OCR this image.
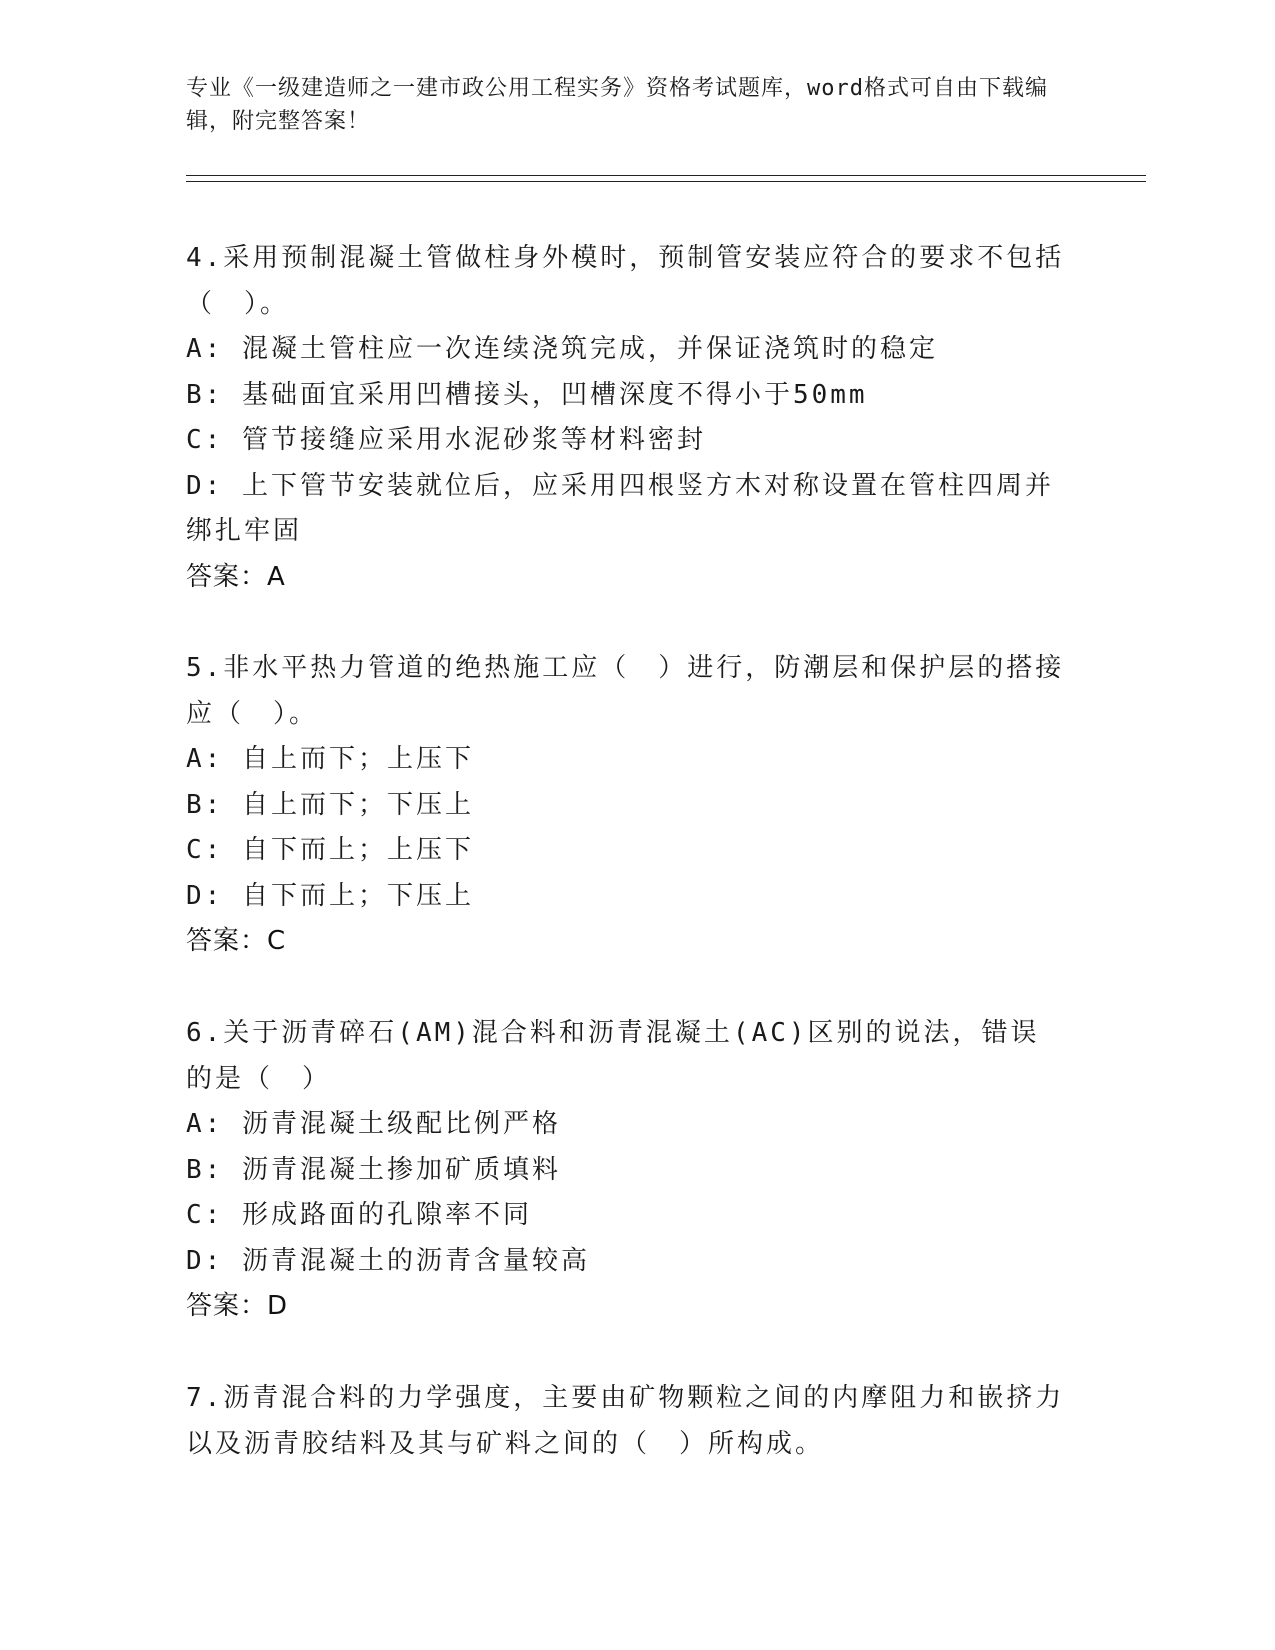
专业《一级建造师之一建市政公用工程实务》资格考试题库，word格式可自由下载编辑，附完整答案！
4.采用预制混凝土管做柱身外模时，预制管安装应符合的要求不包括（　）。
A: 混凝土管柱应一次连续浇筑完成，并保证浇筑时的稳定
B: 基础面宜采用凹槽接头，凹槽深度不得小于50mm
C: 管节接缝应采用水泥砂浆等材料密封
D: 上下管节安装就位后，应采用四根竖方木对称设置在管柱四周并绑扎牢固
答案：A
5.非水平热力管道的绝热施工应（　）进行，防潮层和保护层的搭接应（　）。
A: 自上而下；上压下
B: 自上而下；下压上
C: 自下而上；上压下
D: 自下而上；下压上
答案：C
6.关于沥青碎石(AM)混合料和沥青混凝土(AC)区别的说法，错误的是（　）
A: 沥青混凝土级配比例严格
B: 沥青混凝土掺加矿质填料
C: 形成路面的孔隙率不同
D: 沥青混凝土的沥青含量较高
答案：D
7.沥青混合料的力学强度，主要由矿物颗粒之间的内摩阻力和嵌挤力以及沥青胶结料及其与矿料之间的（　）所构成。
